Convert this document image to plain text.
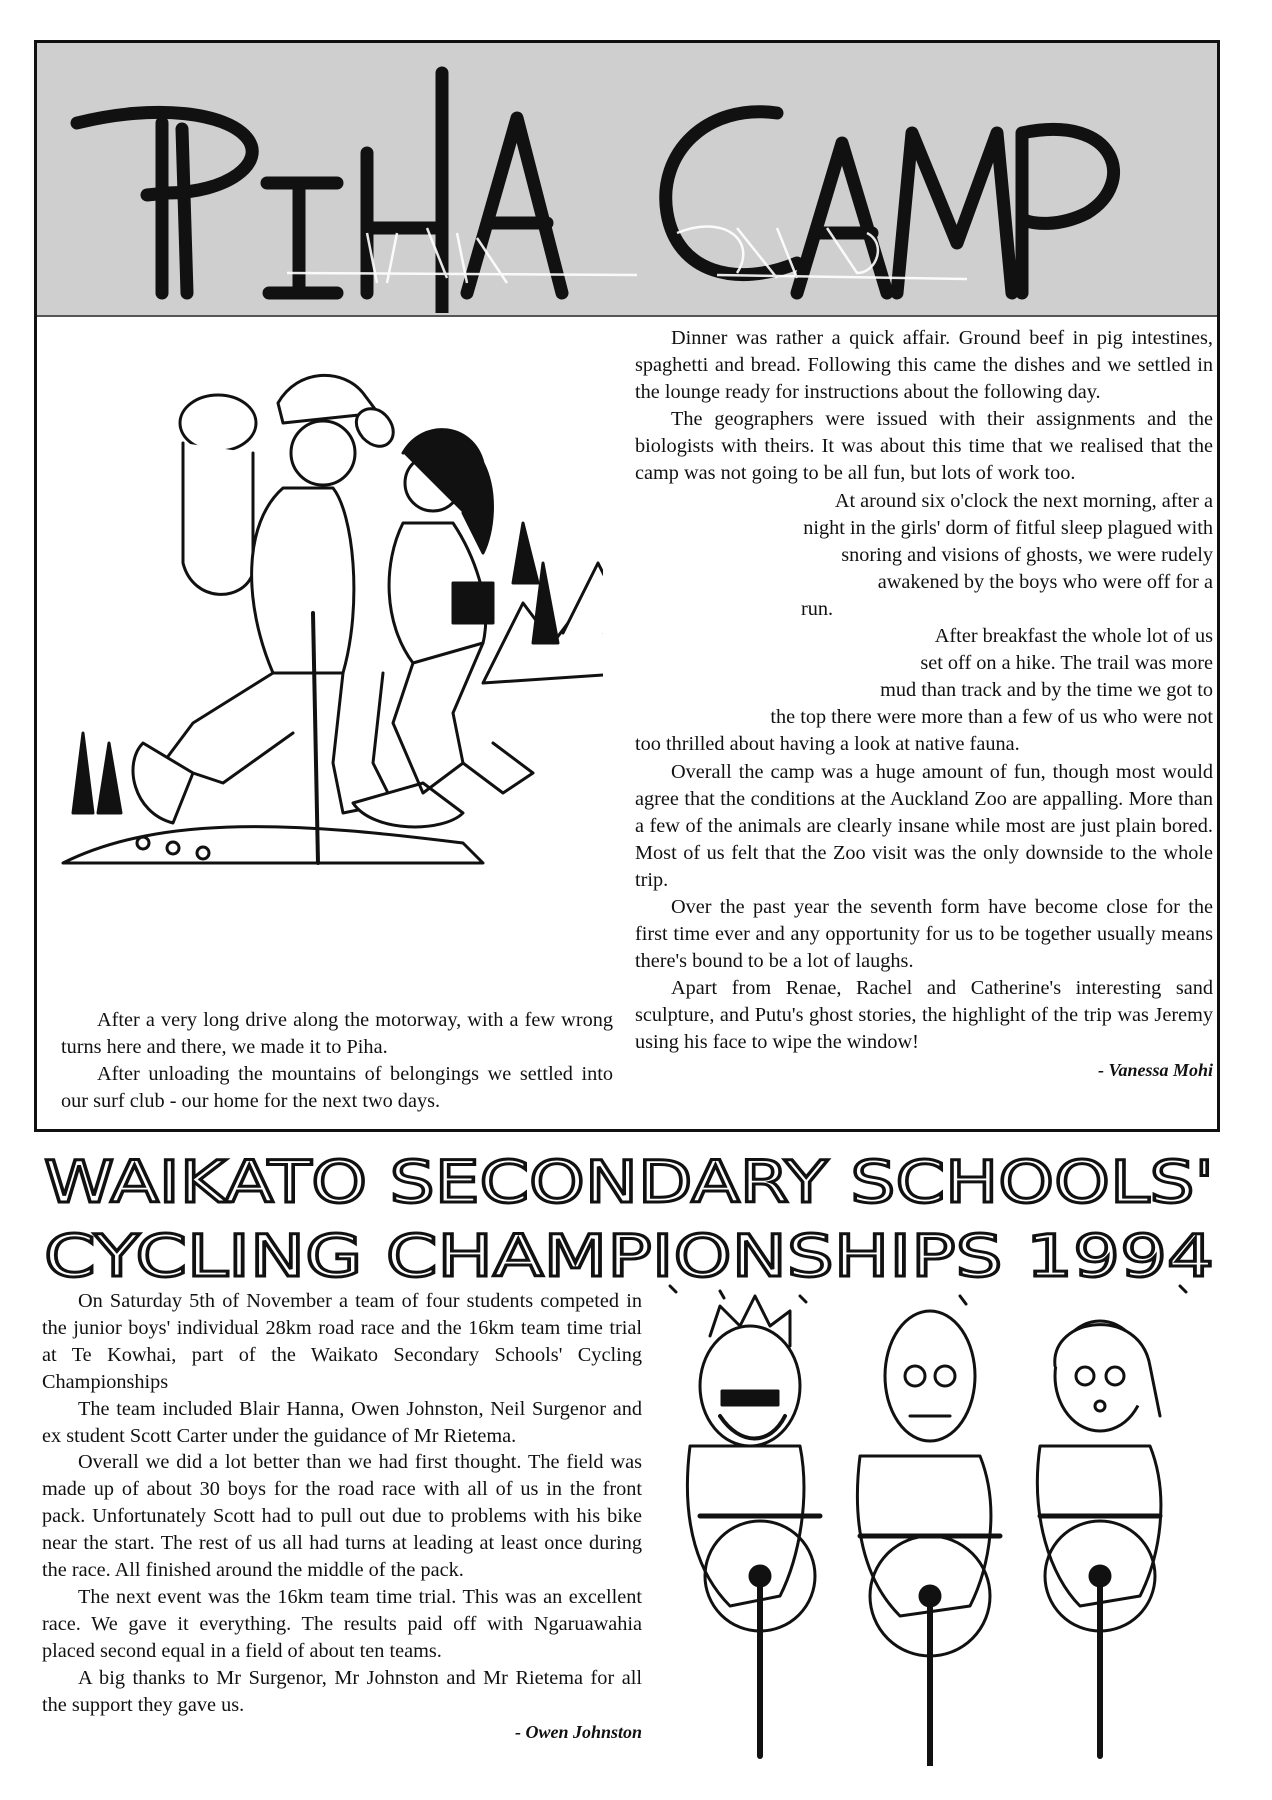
Dinner was rather a quick affair. Ground beef in pig intestines, spaghetti and bread. Following this came the dishes and we settled in the lounge ready for instructions about the following day.

The geographers were issued with their assignments and the biologists with theirs. It was about this time that we realised that the camp was not going to be all fun, but lots of work too.

At around six o'clock the next morning, after a

night in the girls' dorm of fitful sleep plagued with

snoring and visions of ghosts, we were rudely

awakened by the boys who were off for a

run.

After breakfast the whole lot of us

set off on a hike. The trail was more

mud than track and by the time we got to

the top there were more than a few of us who were not

too thrilled about having a look at native fauna.

Overall the camp was a huge amount of fun, though most would agree that the conditions at the Auckland Zoo are appalling. More than a few of the animals are clearly insane while most are just plain bored. Most of us felt that the Zoo visit was the only downside to the whole trip.

Over the past year the seventh form have become close for the first time ever and any opportunity for us to be together usually means there's bound to be a lot of laughs.

Apart from Renae, Rachel and Catherine's interesting sand sculpture, and Putu's ghost stories, the highlight of the trip was Jeremy using his face to wipe the window!

- Vanessa Mohi

After a very long drive along the motorway, with a few wrong turns here and there, we made it to Piha.

After unloading the mountains of belongings we settled into our surf club - our home for the next two days.

WAIKATO SECONDARY SCHOOLS'
CYCLING CHAMPIONSHIPS 1994

On Saturday 5th of November a team of four students competed in the junior boys' individual 28km road race and the 16km team time trial at Te Kowhai, part of the Waikato Secondary Schools' Cycling Championships

The team included Blair Hanna, Owen Johnston, Neil Surgenor and ex student Scott Carter under the guidance of Mr Rietema.

Overall we did a lot better than we had first thought. The field was made up of about 30 boys for the road race with all of us in the front pack. Unfortunately Scott had to pull out due to problems with his bike near the start. The rest of us all had turns at leading at least once during the race. All finished around the middle of the pack.

The next event was the 16km team time trial. This was an excellent race. We gave it everything. The results paid off with Ngaruawahia placed second equal in a field of about ten teams.

A big thanks to Mr Surgenor, Mr Johnston and Mr Rietema for all the support they gave us.

- Owen Johnston
